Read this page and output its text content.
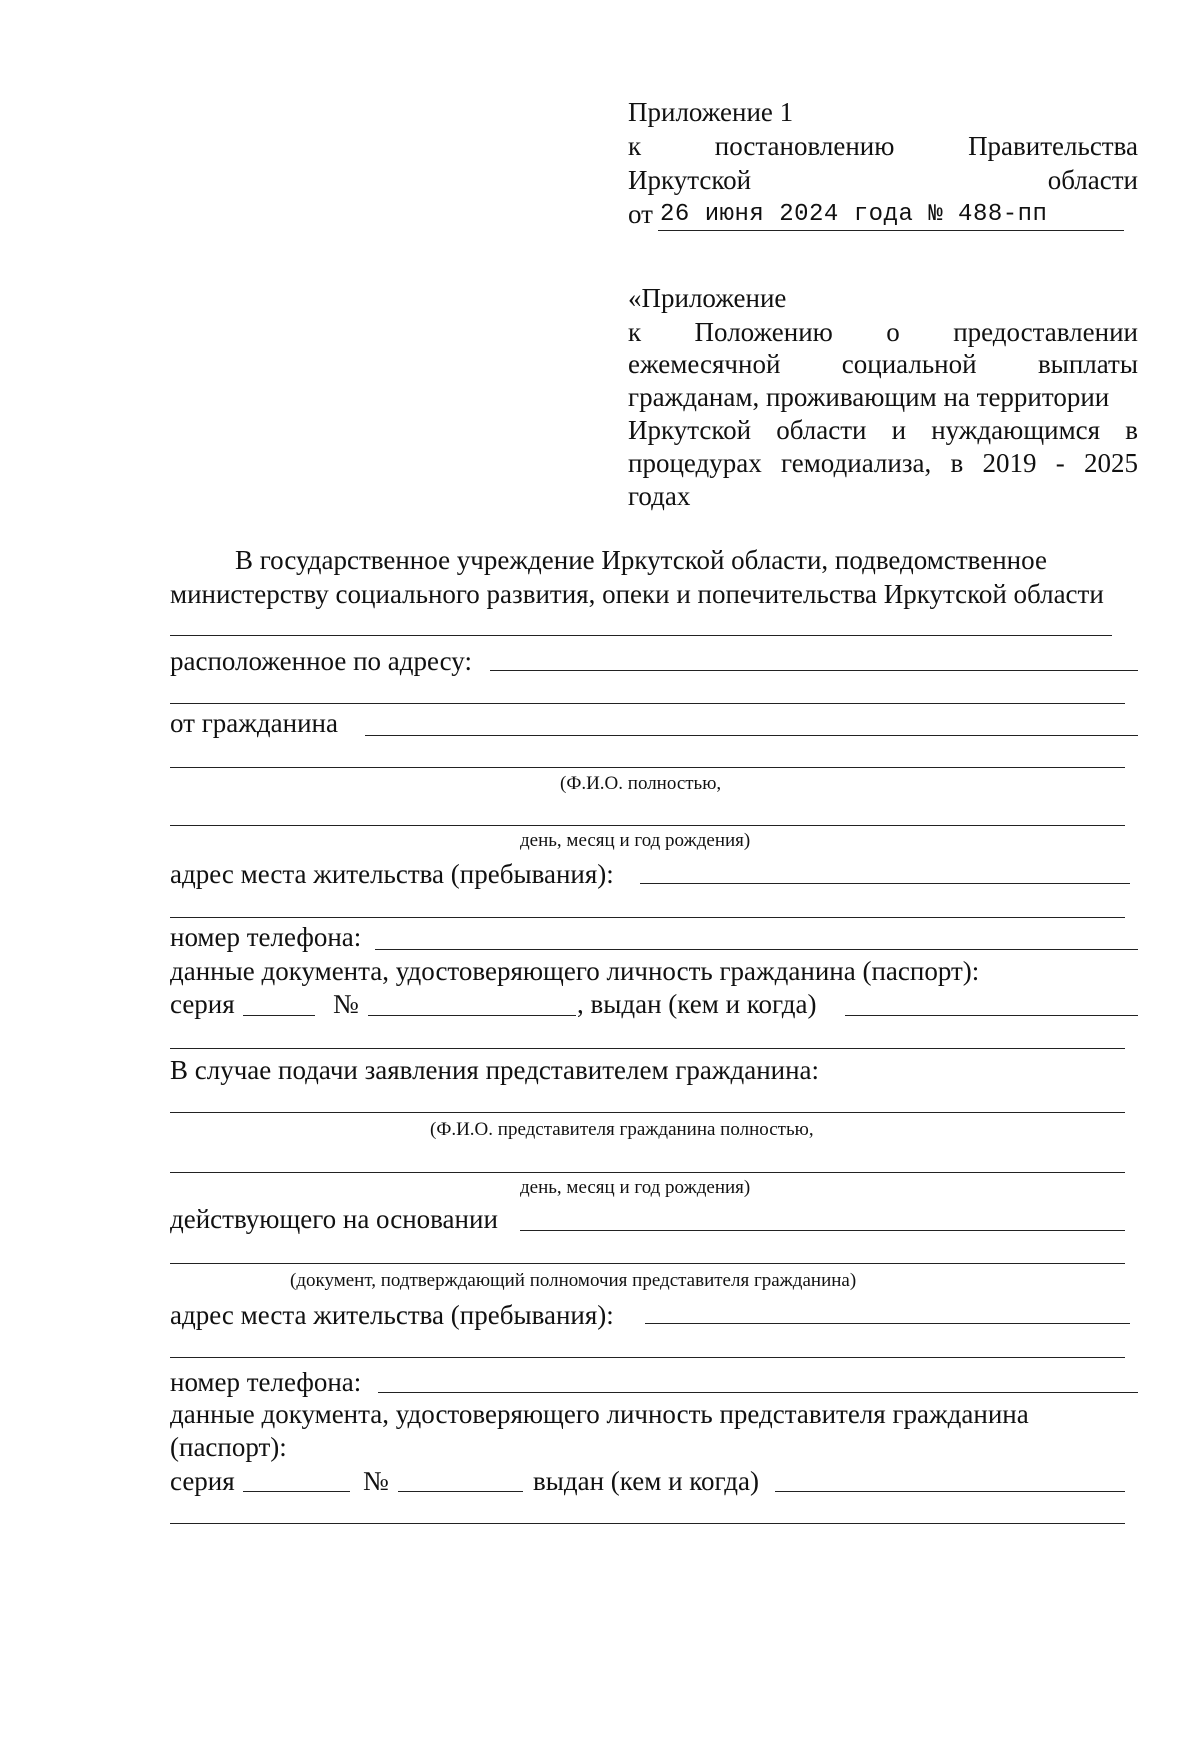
Приложение 1
к	постановлению	Правительства
Иркутской	области
от 26 июня 2024 года № 488-пп
«Приложение
к Положению о предоставлении
ежемесячной социальной выплаты
гражданам, проживающим на территории
Иркутской области и нуждающимся в
процедурах гемодиализа, в 2019 - 2025
годах
В государственное учреждение Иркутской области, подведомственное
министерству социального развития, опеки и попечительства Иркутской области
расположенное по адресу:
от гражданина
(Ф.И.О. полностью,
день, месяц и год рождения)
адрес места жительства (пребывания):
номер телефона:
данные документа, удостоверяющего личность гражданина (паспорт):
серия	№	, выдан (кем и когда)
В случае подачи заявления представителем гражданина:
(Ф.И.О. представителя гражданина полностью,
день, месяц и год рождения)
действующего на основании
(документ, подтверждающий полномочия представителя гражданина)
адрес места жительства (пребывания):
номер телефона:
данные документа, удостоверяющего личность представителя гражданина
(паспорт):
серия	№	выдан (кем и когда)
